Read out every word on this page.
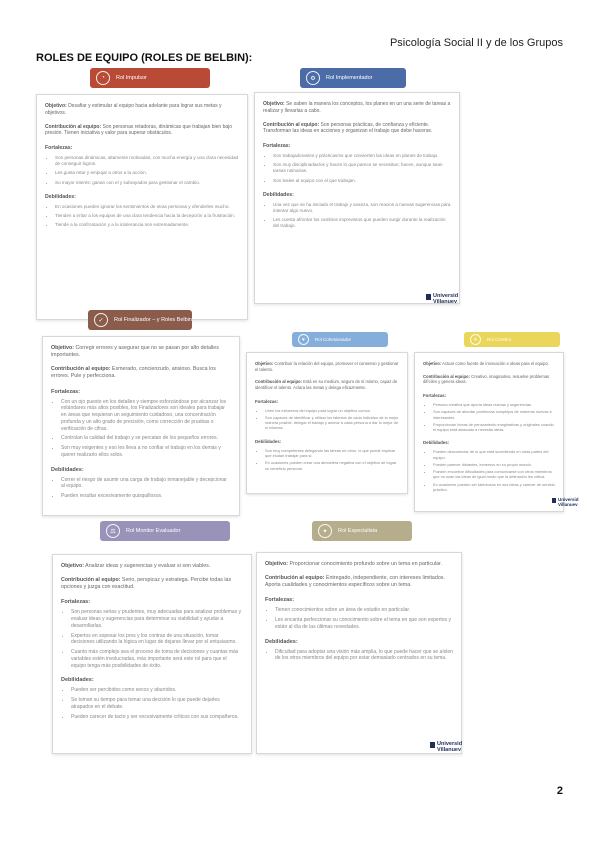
Psicología Social II y de los Grupos
ROLES DE EQUIPO (ROLES DE BELBIN):
◔	Rol Impulsor

Objetivo: Desafiar y estimular al equipo hacia adelante para lograr sus metas y objetivos.

Contribución al equipo: Son personas retadoras, dinámicas que trabajan bien bajo presión. Tienen iniciativa y valor para superar obstáculos.

Fortalezas:
• Son personas dinámicas, altamente motivadas, con mucha energía y una clara necesidad de conseguir logros.
• Les gusta retar y empujar a otros a la acción.
• Su mayor interés: ganan con el y subrayados para gestionar el cambio.
Debilidades:
• En ocasiones pueden ignorar los sentimientos de otras personas y ofenderles mucho.
• Tienden a irritar a los equipos de una clara tendencia hacia la decepción a la frustración.
• Tiende a la confrontación y a la intolerancia son extremadamente.
⚙	Rol Implementador

Objetivo: Se saben la manera los conceptos, los planes en un una serie de tareas a realizar y llevarlas a cabo.

Contribución al equipo: Son personas prácticas, de confianza y eficiente. Transforman las ideas en acciones y organizan el trabajo que debe hacerse.

Fortalezas:
• Son trabajadoras/es y prácticas/os que convierten las ideas en planes de trabajo.
• Son muy disciplinadas/os y hacen lo que parece se necesitan; hacen, aunque sean tareas rutinarias.
• Son leales al equipo con el que trabajan.
Debilidades:
• Una vez que se ha iniciado el trabajo y avanza, son reacios a nuevas sugerencias para intentar algo nuevo.
• Les cuesta afrontar los cambios imprevistos que pueden surgir durante la realización del trabajo.
Universid
Villanuev
✓	Rol Finalizador – y Roles Belbin

Objetivo: Corregir errores y asegurar que no se pasan por alto detalles importantes.

Contribución al equipo: Esmerado, concienzudo, ansioso. Busca los errores. Pule y perfecciona.

Fortalezas:
• Con un ojo puesto en los detalles y siempre esforzándose por alcanzar los estándares más altos posibles, los Finalizadores son ideales para trabajar en áreas que requieran un seguimiento cuidadoso, una concentración profunda y un alto grado de precisión, como corrección de pruebas o verificación de cifras.
• Controlan la calidad del trabajo y se percatan de los pequeños errores.
• Son muy exigentes y eso les lleva a no confiar el trabajo en los demás y querer realizarlo ellos solos.
Debilidades:
• Correr el riesgo de asumir una carga de trabajo inmanejable y decepcionar al equipo.
• Pueden resultar excesivamente quisquillosos.
♥	Rol Cohesionador

Objetivo: Contribuir la relación del equipo, promover el consenso y gestionar el talento.

Contribución al equipo: Está en su medium, seguro de sí mismo, capaz de identificar el talento. Aclara las metas y delega eficazmente.

Fortalezas:
• Unen los esfuerzos del equipo para lograr un objetivo común.
• Son capaces de identificar y utilizar los talentos de cada individuo de la mejor manera posible, delegar el trabajo y animar a cada persona a dar lo mejor de sí mismas.
Debilidades:
• Son muy competentes delegando las tareas en otros, lo que puede implicar que eludan trabajar para sí.
• En ocasiones pueden crear una atmósfera negativa con el objetivo de lograr su beneficio personal.
☀	Rol Cerebro

Objetivo: Actuar como fuente de innovación e ideas para el equipo.

Contribución al equipo: Creativo, imaginativo, resuelve problemas difíciles y genera ideas.

Fortalezas:
• Persona creativa que aporta ideas nuevas y sugerencias.
• Son capaces de abordar problemas complejos de maneras nuevas e interesantes.
• Proporcionan líneas de pensamiento imaginativas y originales cuando el equipo está atascado a necesita ideas.
Debilidades:
• Pueden desconectar de lo que está sucediendo en otras partes del equipo.
• Pueden parecer distantes, inmersos en su propio mundo.
• Pueden encontrar dificultades para comunicarse con otros miembros que no usan las ideas de igual modo que la detinación les critica.
• En ocasiones pueden ser talentosos en sus ideas y carecer de sentido práctico.
Universid
Villanuev
⚖	Rol Monitor Evaluador

Objetivo: Analizar ideas y sugerencias y evaluar si son viables.

Contribución al equipo: Serio, perspicaz y estratega. Percibe todas las opciones y juzga con exactitud.

Fortalezas:
• Son personas serias y prudentes, muy adecuadas para analizar problemas y evaluar ideas y sugerencias para determinar su viabilidad y ayudar a desarrollarlas.
• Expertos en sopesar los pros y los contras de una situación, tomar decisiones utilizando la lógica en lugar de dejarse llevar por el entusiasmo.
• Cuanto más complejo sea el proceso de toma de decisiones y cuantas más variables estén involucradas, más importante será este rol para que el equipo tenga más posibilidades de éxito.
Debilidades:
• Pueden ser percibidos como secos y aburridos.
• Se toman su tiempo para tomar una decisión lo que puede dejarles atrapados en el debate.
• Pueden carecer de tacto y ser excesivamente críticos con sus compañeros.
✦	Rol Especialista

Objetivo: Proporcionar conocimiento profundo sobre un tema en particular.

Contribución al equipo: Entregado, independiente, con intereses limitados. Aporta cualidades y conocimientos específicos sobre un tema.

Fortalezas:
• Tienen conocimientos sobre un área de estudio en particular.
• Les encanta perfeccionar su conocimiento sobre el tema en que son expertos y están al día de las últimas novedades.
Debilidades:
• Dificultad para adoptar una visión más amplia, lo que puede hacer que se aíslen de los otros miembros del equipo por estar demasiado centrados en su tema.
Universid
Villanuev
2
